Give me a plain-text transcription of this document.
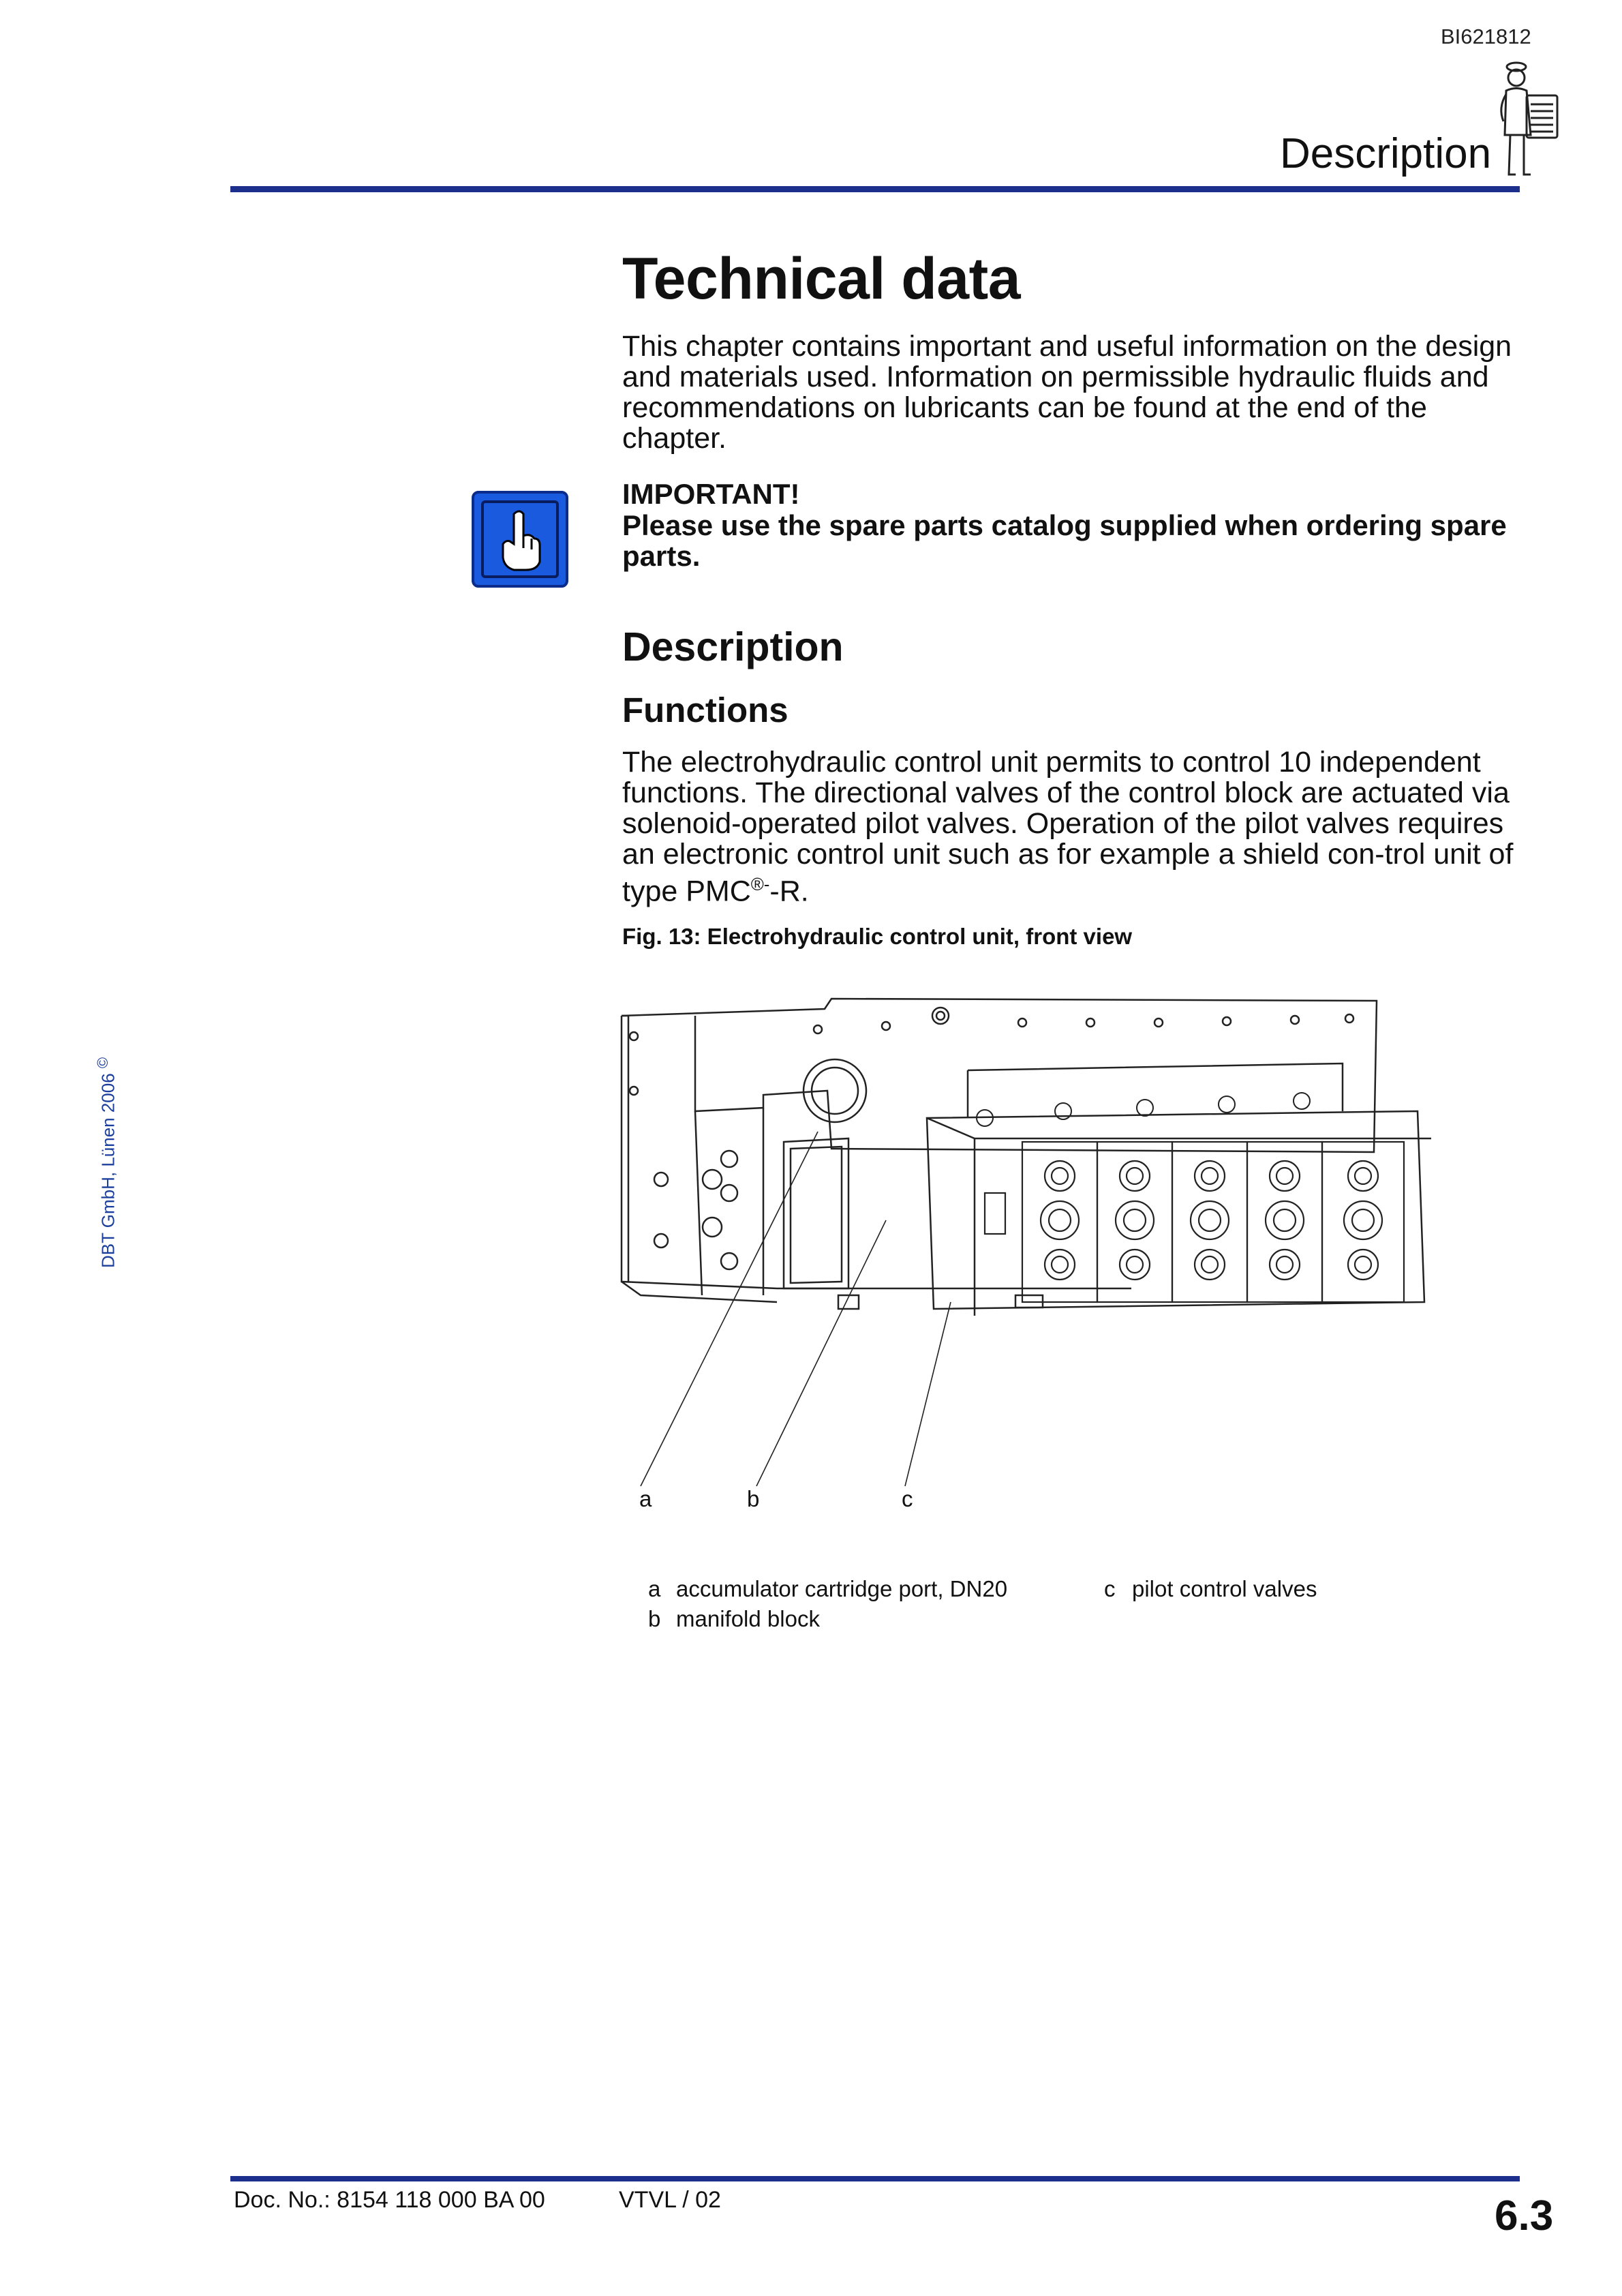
BI621812
Description
Technical data
This chapter contains important and useful information on the design and materials used. Information on permissible hydraulic fluids and recommendations on lubricants can be found at the end of the chapter.
IMPORTANT!
Please use the spare parts catalog supplied when ordering spare parts.
Description
Functions
The electrohydraulic control unit permits to control 10 independent functions. The directional valves of the control block are actuated via solenoid-operated pilot valves. Operation of the pilot valves requires an electronic control unit such as for example a shield con-trol unit of type PMC®--R.
Fig. 13: Electrohydraulic control unit, front view
a	b	c
a accumulator cartridge port, DN20
b manifold block
c pilot control valves
DBT GmbH, Lünen 2006 ©
Doc. No.: 8154 118 000 BA 00	VTVL / 02	6.3
